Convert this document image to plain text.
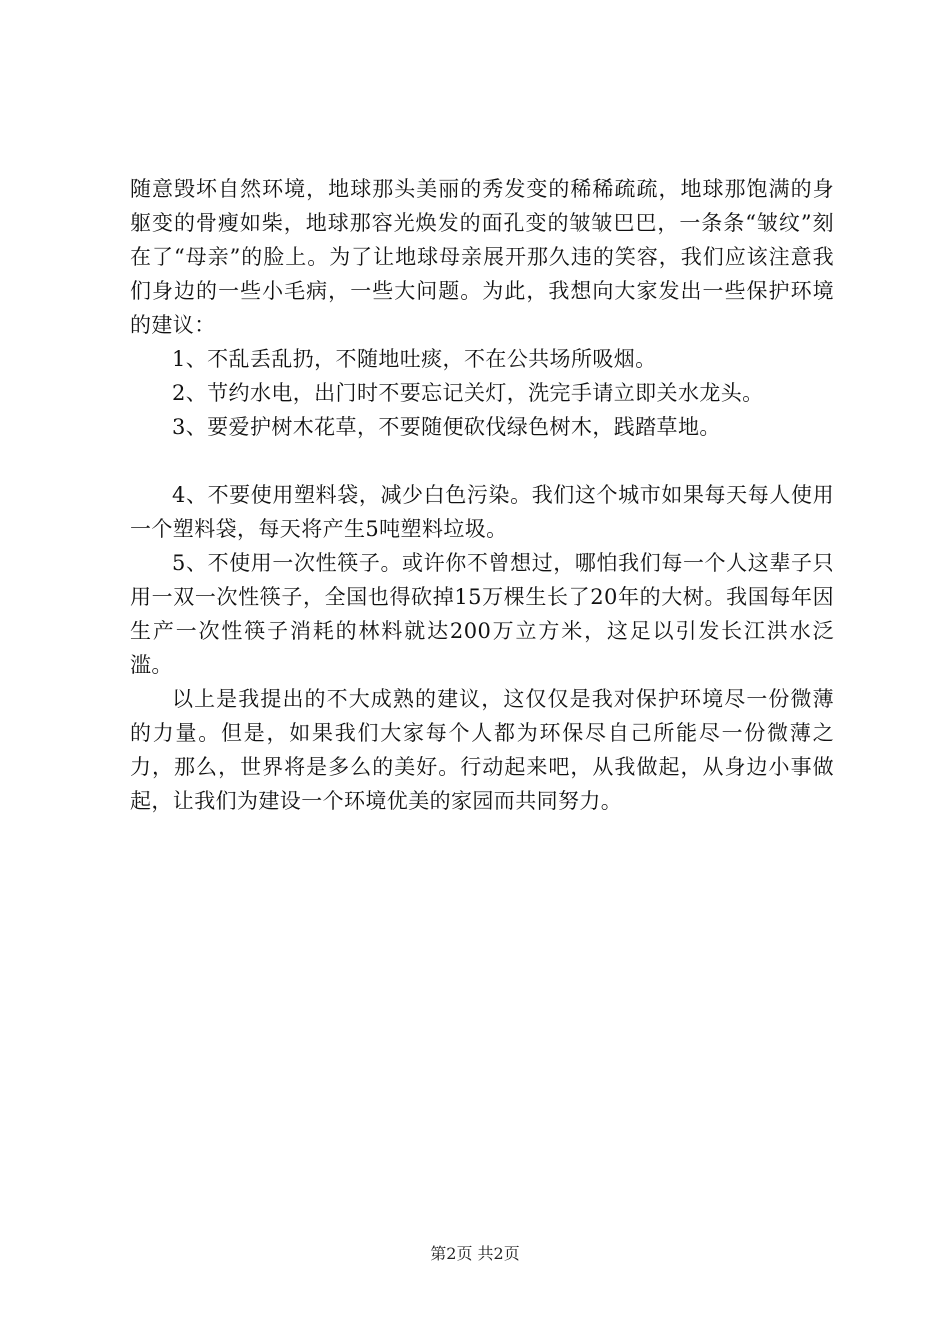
随意毁坏自然环境，地球那头美丽的秀发变的稀稀疏疏，地球那饱满的身躯变的骨瘦如柴，地球那容光焕发的面孔变的皱皱巴巴，一条条“皱纹”刻在了“母亲”的脸上。为了让地球母亲展开那久违的笑容，我们应该注意我们身边的一些小毛病，一些大问题。为此，我想向大家发出一些保护环境的建议：

1、不乱丢乱扔，不随地吐痰，不在公共场所吸烟。

2、节约水电，出门时不要忘记关灯，洗完手请立即关水龙头。

3、要爱护树木花草，不要随便砍伐绿色树木，践踏草地。

4、不要使用塑料袋，减少白色污染。我们这个城市如果每天每人使用一个塑料袋，每天将产生5吨塑料垃圾。

5、不使用一次性筷子。或许你不曾想过，哪怕我们每一个人这辈子只用一双一次性筷子，全国也得砍掉15万棵生长了20年的大树。我国每年因生产一次性筷子消耗的林料就达200万立方米，这足以引发长江洪水泛滥。

以上是我提出的不大成熟的建议，这仅仅是我对保护环境尽一份微薄的力量。但是，如果我们大家每个人都为环保尽自己所能尽一份微薄之力，那么，世界将是多么的美好。行动起来吧，从我做起，从身边小事做起，让我们为建设一个环境优美的家园而共同努力。

第2页 共2页
